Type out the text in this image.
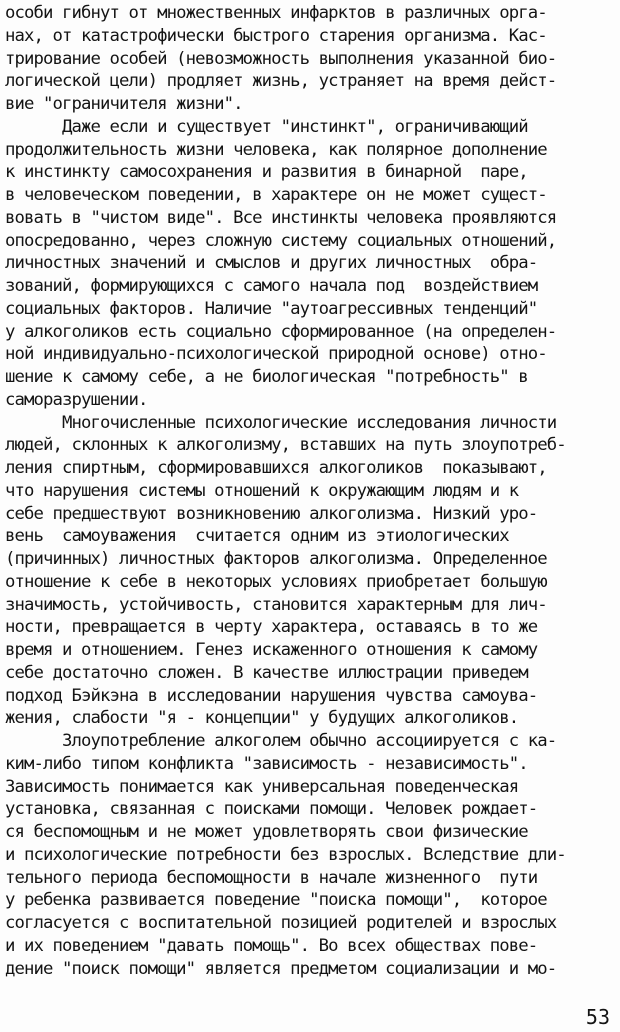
особи гибнут от множественных инфарктов в различных орга-
нах, от катастрофически быстрого старения организма. Кас-
трирование особей (невозможность выполнения указанной био-
логической цели) продляет жизнь, устраняет на время дейст-
вие "ограничителя жизни".
Даже если и существует "инстинкт", ограничивающий
продолжительность жизни человека, как полярное дополнение
к инстинкту самосохранения и развития в бинарной  паре,
в человеческом поведении, в характере он не может сущест-
вовать в "чистом виде". Все инстинкты человека проявляются
опосредованно, через сложную систему социальных отношений,
личностных значений и смыслов и других личностных  обра-
зований, формирующихся с самого начала под  воздействием
социальных факторов. Наличие "аутоагрессивных тенденций"
у алкоголиков есть социально сформированное (на определен-
ной индивидуально-психологической природной основе) отно-
шение к самому себе, а не биологическая "потребность" в
саморазрушении.
Многочисленные психологические исследования личности
людей, склонных к алкоголизму, вставших на путь злоупотреб-
ления спиртным, сформировавшихся алкоголиков  показывают,
что нарушения системы отношений к окружающим людям и к
себе предшествуют возникновению алкоголизма. Низкий уро-
вень  самоуважения  считается одним из этиологических
(причинных) личностных факторов алкоголизма. Определенное
отношение к себе в некоторых условиях приобретает большую
значимость, устойчивость, становится характерным для лич-
ности, превращается в черту характера, оставаясь в то же
время и отношением. Генез искаженного отношения к самому
себе достаточно сложен. В качестве иллюстрации приведем
подход Бэйкэна в исследовании нарушения чувства самоува-
жения, слабости "я - концепции" у будущих алкоголиков.
Злоупотребление алкоголем обычно ассоциируется с ка-
ким-либо типом конфликта "зависимость - независимость".
Зависимость понимается как универсальная поведенческая
установка, связанная с поисками помощи. Человек рождает-
ся беспомощным и не может удовлетворять свои физические
и психологические потребности без взрослых. Вследствие дли-
тельного периода беспомощности в начале жизненного  пути
у ребенка развивается поведение "поиска помощи",  которое
согласуется с воспитательной позицией родителей и взрослых
и их поведением "давать помощь". Во всех обществах пове-
дение "поиск помощи" является предметом социализации и мо-
53
